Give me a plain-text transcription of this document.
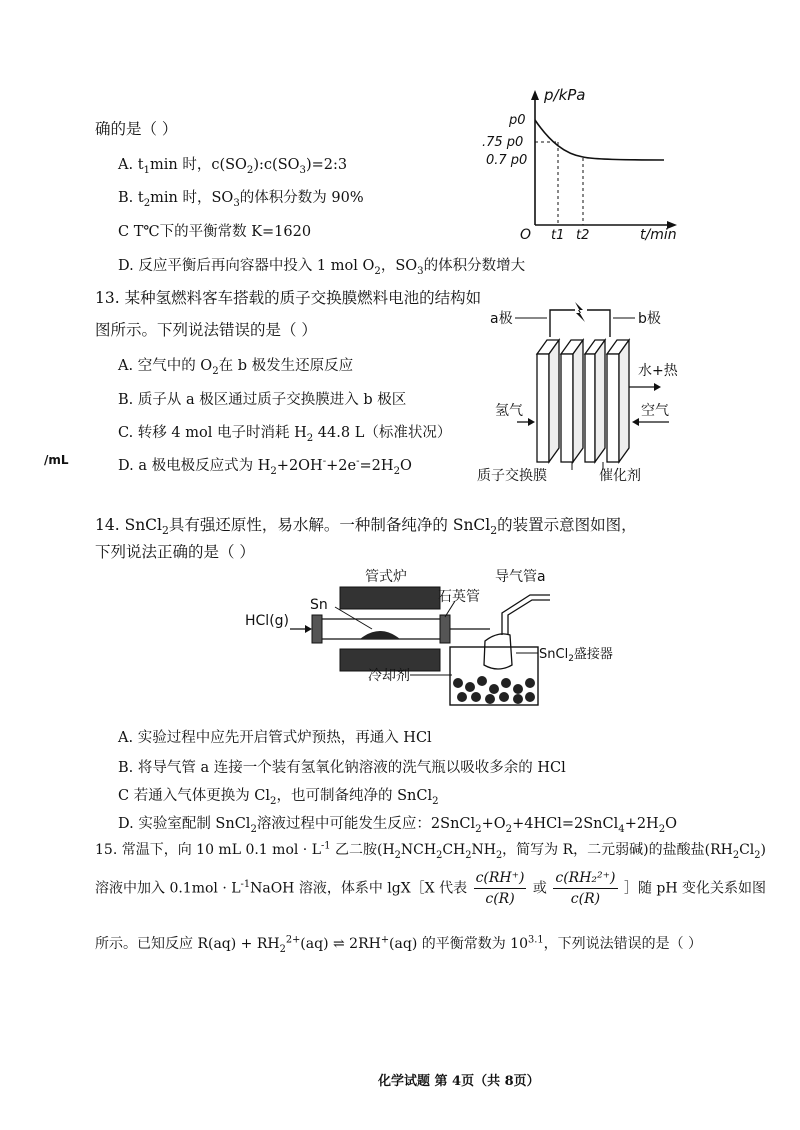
确的是（ ）
A. $t_1\min$ 时，$c(SO_2):c(SO_3)=2:3$
B. $t_2\min$ 时，$SO_3$的体积分数为 90%
C T℃下的平衡常数 K=1620
D. 反应平衡后再向容器中投入 1 mol $O_2$，$SO_3$的体积分数增大
p/kPa
p0
.75 p0
0.7 p0
O t1 t2	t/min
13. 某种氢燃料客车搭载的质子交换膜燃料电池的结构如
图所示。下列说法错误的是（ ）
A. 空气中的 $O_2$在 b 极发生还原反应
B. 质子从 a 极区通过质子交换膜进入 b 极区
C. 转移 4 mol 电子时消耗 $H_2$ 44.8 L（标准状况）
D. a 极电极反应式为 $H_2+2OH^-+2e^-=2H_2O$
/mL
a极	b极
水+热
氢气	空气
质子交换膜	催化剂
14. SnCl$_2$具有强还原性，易水解。一种制备纯净的 SnCl$_2$的装置示意图如图，
下列说法正确的是（ ）
管式炉	导气管a
Sn	石英管
HCl(g)
SnCl$_2$盛接器
冷却剂
A. 实验过程中应先开启管式炉预热，再通入 HCl
B. 将导气管 a 连接一个装有氢氧化钠溶液的洗气瓶以吸收多余的 HCl
C 若通入气体更换为 $Cl_2$，也可制备纯净的 SnCl$_2$
D. 实验室配制 SnCl$_2$溶液过程中可能发生反应：$2SnCl_2+O_2+4HCl=2SnCl_4+2H_2O$
15. 常温下，向 10 mL 0.1 mol · $L^{-1}$ 乙二胺($H_2NCH_2CH_2NH_2$，简写为 R，二元弱碱)的盐酸盐$(RH_2Cl_2)$
溶液中加入 $0.1mol \cdot L^{-1}NaOH$ 溶液，体系中 lgX［X 代表 $\frac{c(RH^+)}{c(R)}$ 或 $\frac{\text{c(RH₂²⁺)}}{c(R)}$ ］随 pH 变化关系如图
所示。已知反应 $R(aq) + RH_2^{2+}(aq)$ ⇌ 2RH+(aq) 的平衡常数为 $10^{3.1}$，下列说法错误的是（ ）
化学试题 第 4页（共 8页）
